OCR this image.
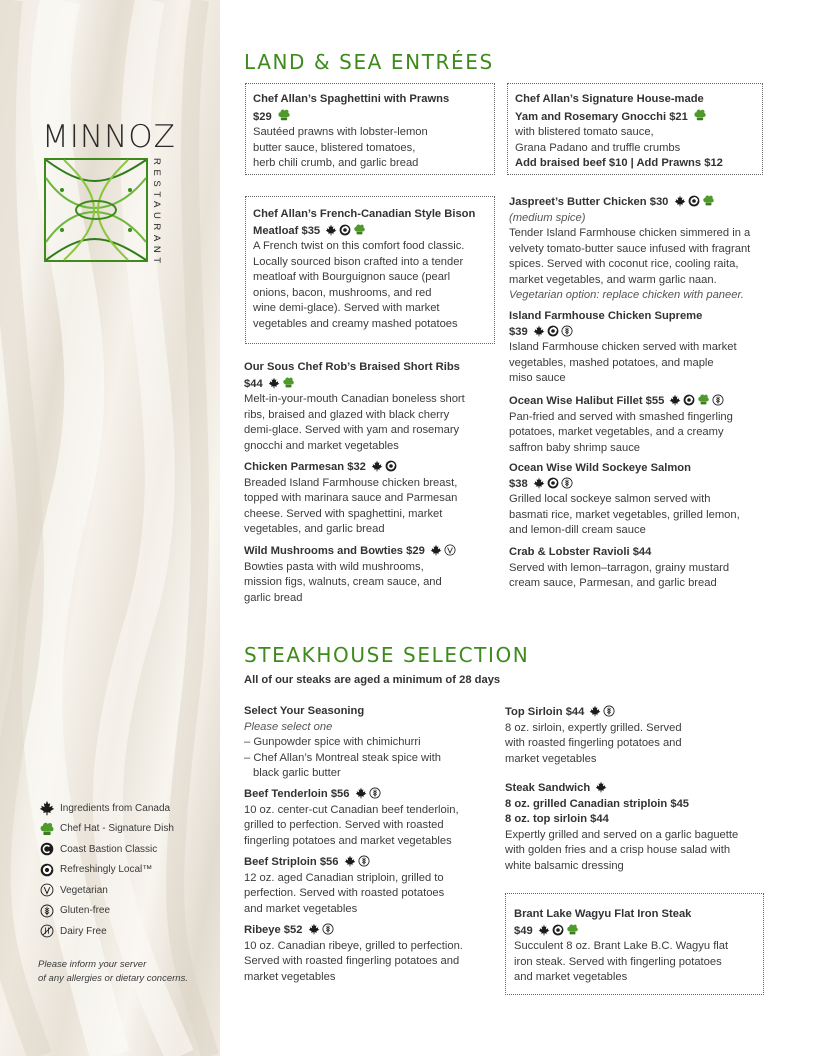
MINNOZ
RESTAURANT
Ingredients from Canada
Chef Hat - Signature Dish
Coast Bastion Classic
Refreshingly Local™
Vegetarian
Gluten-free
Dairy Free
Please inform your server
of any allergies or dietary concerns.
LAND & SEA ENTRÉES
Chef Allan’s Spaghettini with Prawns
$29
Sautéed prawns with lobster-lemon
butter sauce, blistered tomatoes,
herb chili crumb, and garlic bread
Chef Allan’s Signature House-made
Yam and Rosemary Gnocchi $21
with blistered tomato sauce,
Grana Padano and truffle crumbs
Add braised beef $10 | Add Prawns $12
Chef Allan’s French-Canadian Style Bison
Meatloaf $35
A French twist on this comfort food classic.
Locally sourced bison crafted into a tender
meatloaf with Bourguignon sauce (pearl
onions, bacon, mushrooms, and red
wine demi-glace). Served with market
vegetables and creamy mashed potatoes
Jaspreet’s Butter Chicken $30
(medium spice)
Tender Island Farmhouse chicken simmered in a
velvety tomato-butter sauce infused with fragrant
spices. Served with coconut rice, cooling raita,
market vegetables, and warm garlic naan.
Vegetarian option: replace chicken with paneer.
Island Farmhouse Chicken Supreme
$39
Island Farmhouse chicken served with market
vegetables, mashed potatoes, and maple
miso sauce
Our Sous Chef Rob’s Braised Short Ribs
$44
Melt-in-your-mouth Canadian boneless short
ribs, braised and glazed with black cherry
demi-glace. Served with yam and rosemary
gnocchi and market vegetables
Ocean Wise Halibut Fillet $55
Pan-fried and served with smashed fingerling
potatoes, market vegetables, and a creamy
saffron baby shrimp sauce
Chicken Parmesan $32
Breaded Island Farmhouse chicken breast,
topped with marinara sauce and Parmesan
cheese. Served with spaghettini, market
vegetables, and garlic bread
Ocean Wise Wild Sockeye Salmon
$38
Grilled local sockeye salmon served with
basmati rice, market vegetables, grilled lemon,
and lemon-dill cream sauce
Wild Mushrooms and Bowties $29
Bowties pasta with wild mushrooms,
mission figs, walnuts, cream sauce, and
garlic bread
Crab & Lobster Ravioli $44
Served with lemon–tarragon, grainy mustard
cream sauce, Parmesan, and garlic bread
STEAKHOUSE SELECTION
All of our steaks are aged a minimum of 28 days
Select Your Seasoning
Please select one
– Gunpowder spice with chimichurri
– Chef Allan’s Montreal steak spice with
black garlic butter
Beef Tenderloin $56
10 oz. center-cut Canadian beef tenderloin,
grilled to perfection. Served with roasted
fingerling potatoes and market vegetables
Beef Striploin $56
12 oz. aged Canadian striploin, grilled to
perfection. Served with roasted potatoes
and market vegetables
Ribeye $52
10 oz. Canadian ribeye, grilled to perfection.
Served with roasted fingerling potatoes and
market vegetables
Top Sirloin $44
8 oz. sirloin, expertly grilled. Served
with roasted fingerling potatoes and
market vegetables
Steak Sandwich
8 oz. grilled Canadian striploin $45
8 oz. top sirloin $44
Expertly grilled and served on a garlic baguette
with golden fries and a crisp house salad with
white balsamic dressing
Brant Lake Wagyu Flat Iron Steak
$49
Succulent 8 oz. Brant Lake B.C. Wagyu flat
iron steak. Served with fingerling potatoes
and market vegetables
